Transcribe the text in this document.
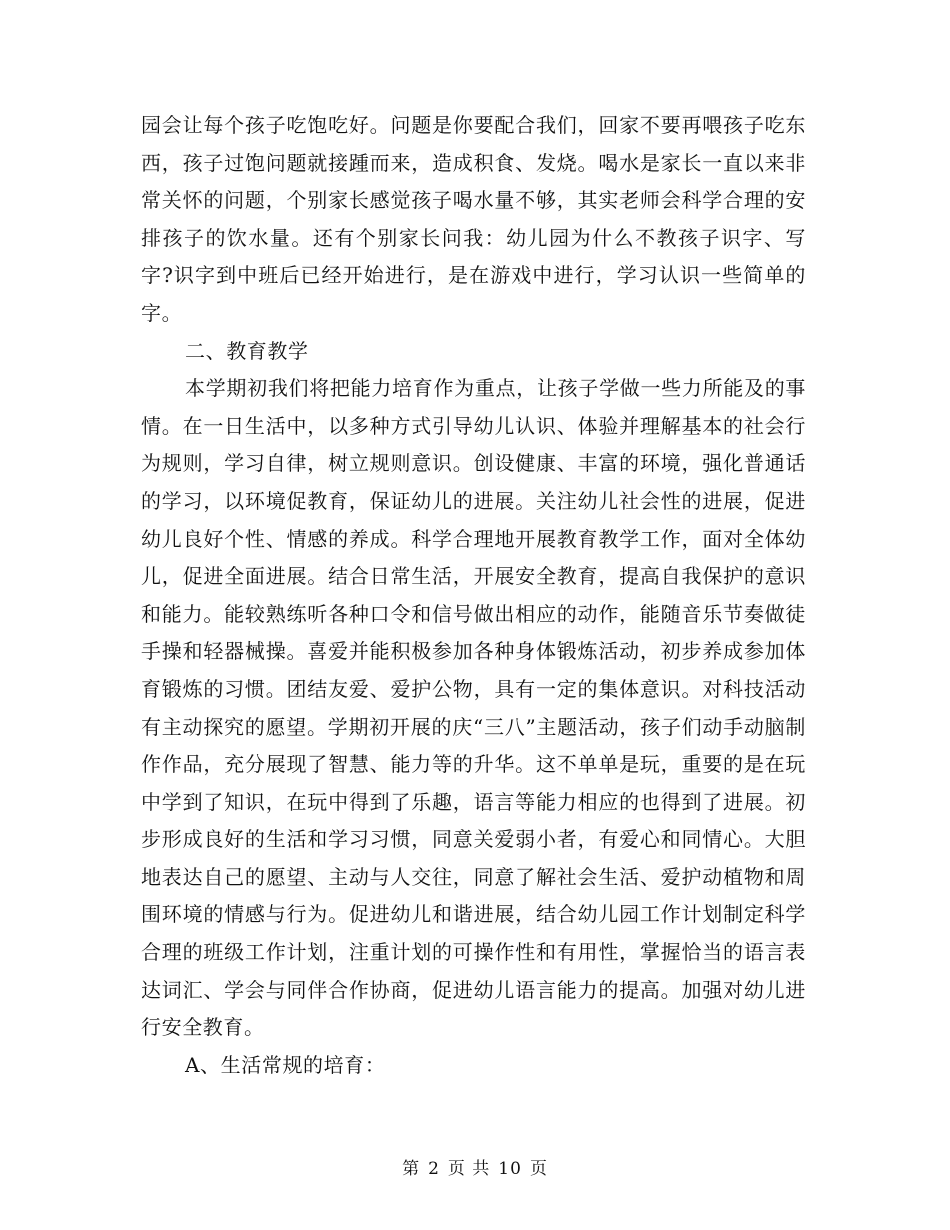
园会让每个孩子吃饱吃好。问题是你要配合我们，回家不要再喂孩子吃东西，孩子过饱问题就接踵而来，造成积食、发烧。喝水是家长一直以来非常关怀的问题，个别家长感觉孩子喝水量不够，其实老师会科学合理的安排孩子的饮水量。还有个别家长问我：幼儿园为什么不教孩子识字、写字?识字到中班后已经开始进行，是在游戏中进行，学习认识一些简单的字。

二、教育教学

本学期初我们将把能力培育作为重点，让孩子学做一些力所能及的事情。在一日生活中，以多种方式引导幼儿认识、体验并理解基本的社会行为规则，学习自律，树立规则意识。创设健康、丰富的环境，强化普通话的学习，以环境促教育，保证幼儿的进展。关注幼儿社会性的进展，促进幼儿良好个性、情感的养成。科学合理地开展教育教学工作，面对全体幼儿，促进全面进展。结合日常生活，开展安全教育，提高自我保护的意识和能力。能较熟练听各种口令和信号做出相应的动作，能随音乐节奏做徒手操和轻器械操。喜爱并能积极参加各种身体锻炼活动，初步养成参加体育锻炼的习惯。团结友爱、爱护公物，具有一定的集体意识。对科技活动有主动探究的愿望。学期初开展的庆“三八”主题活动，孩子们动手动脑制作作品，充分展现了智慧、能力等的升华。这不单单是玩，重要的是在玩中学到了知识，在玩中得到了乐趣，语言等能力相应的也得到了进展。初步形成良好的生活和学习习惯，同意关爱弱小者，有爱心和同情心。大胆地表达自己的愿望、主动与人交往，同意了解社会生活、爱护动植物和周围环境的情感与行为。促进幼儿和谐进展，结合幼儿园工作计划制定科学合理的班级工作计划，注重计划的可操作性和有用性，掌握恰当的语言表达词汇、学会与同伴合作协商，促进幼儿语言能力的提高。加强对幼儿进行安全教育。

A、生活常规的培育：

第 2 页 共 10 页
